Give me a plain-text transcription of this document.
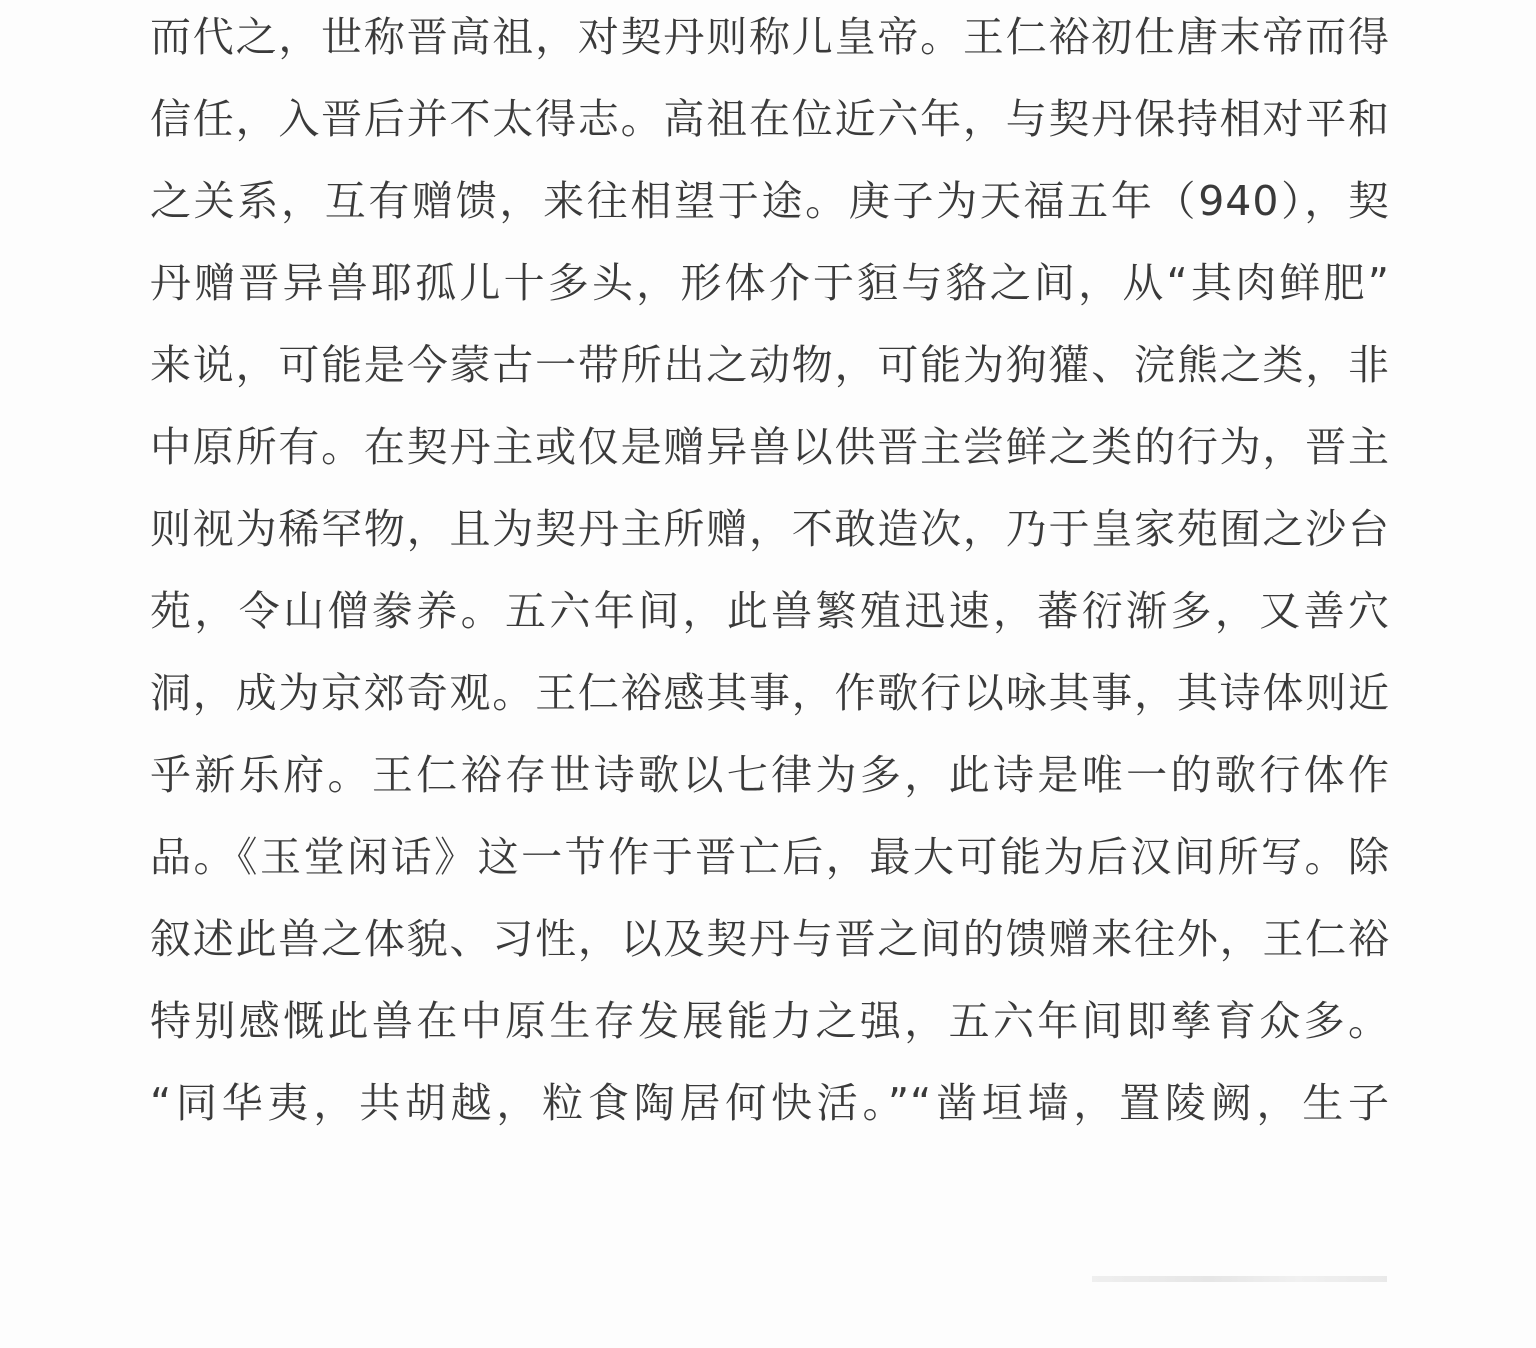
而代之，世称晋高祖，对契丹则称儿皇帝。王仁裕初仕唐末帝而得
信任，入晋后并不太得志。高祖在位近六年，与契丹保持相对平和
之关系，互有赠馈，来往相望于途。庚子为天福五年（940），契
丹赠晋异兽耶孤儿十多头，形体介于貆与貉之间，从“其肉鲜肥”
来说，可能是今蒙古一带所出之动物，可能为狗獾、浣熊之类，非
中原所有。在契丹主或仅是赠异兽以供晋主尝鲜之类的行为，晋主
则视为稀罕物，且为契丹主所赠，不敢造次，乃于皇家苑囿之沙台
苑，令山僧豢养。五六年间，此兽繁殖迅速，蕃衍渐多，又善穴
洞，成为京郊奇观。王仁裕感其事，作歌行以咏其事，其诗体则近
乎新乐府。王仁裕存世诗歌以七律为多，此诗是唯一的歌行体作
品。《玉堂闲话》这一节作于晋亡后，最大可能为后汉间所写。除
叙述此兽之体貌、习性，以及契丹与晋之间的馈赠来往外，王仁裕
特别感慨此兽在中原生存发展能力之强，五六年间即孳育众多。
“同华夷，共胡越，粒食陶居何快活。”“凿垣墙，置陵阙，生子
